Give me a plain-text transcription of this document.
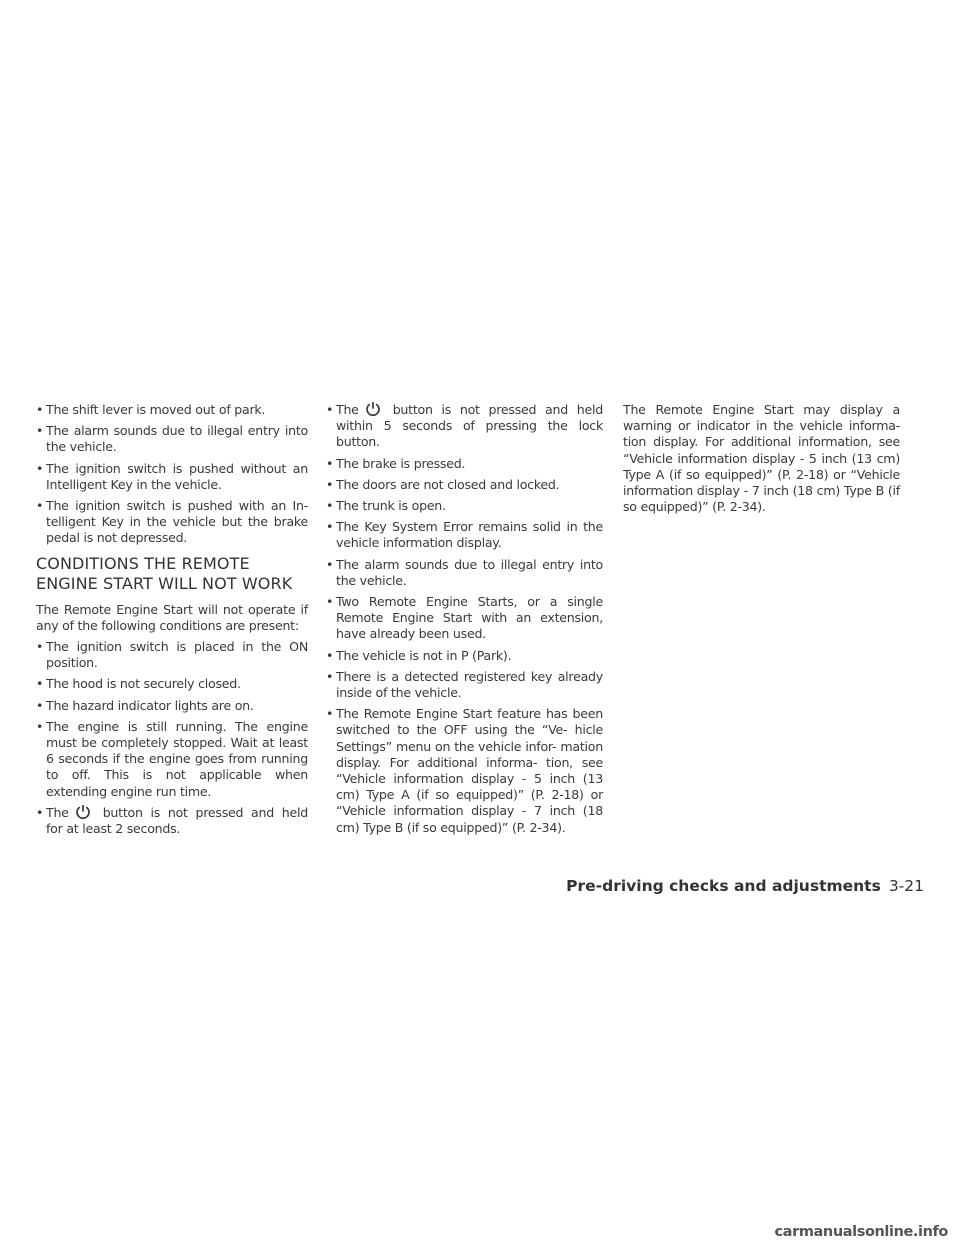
• The shift lever is moved out of park.
• The alarm sounds due to illegal entry into the vehicle.
• The ignition switch is pushed without an Intelligent Key in the vehicle.
• The ignition switch is pushed with an In- telligent Key in the vehicle but the brake pedal is not depressed.
CONDITIONS THE REMOTE ENGINE START WILL NOT WORK

The Remote Engine Start will not operate if any of the following conditions are present:

• The ignition switch is placed in the ON position.
• The hood is not securely closed.
• The hazard indicator lights are on.
• The engine is still running. The engine must be completely stopped. Wait at least 6 seconds if the engine goes from running to off. This is not applicable when extending engine run time.
• The	button is not pressed and held for at least 2 seconds.
• The	button is not pressed and held within 5 seconds of pressing the lock button.
• The brake is pressed.
• The doors are not closed and locked.
• The trunk is open.
• The Key System Error remains solid in the vehicle information display.
• The alarm sounds due to illegal entry into the vehicle.
• Two Remote Engine Starts, or a single Remote Engine Start with an extension, have already been used.
• The vehicle is not in P (Park).
• There is a detected registered key already inside of the vehicle.
• The Remote Engine Start feature has been switched to the OFF using the “Ve- hicle Settings” menu on the vehicle infor- mation display. For additional informa- tion, see “Vehicle information display - 5 inch (13 cm) Type A (if so equipped)” (P. 2-18) or “Vehicle information display - 7 inch (18 cm) Type B (if so equipped)” (P. 2-34).

The Remote Engine Start may display a warning or indicator in the vehicle informa- tion display. For additional information, see “Vehicle information display - 5 inch (13 cm) Type A (if so equipped)” (P. 2-18) or “Vehicle information display - 7 inch (18 cm) Type B (if so equipped)” (P. 2-34).

Pre-driving checks and adjustments 3-21
carmanualsonline.info
